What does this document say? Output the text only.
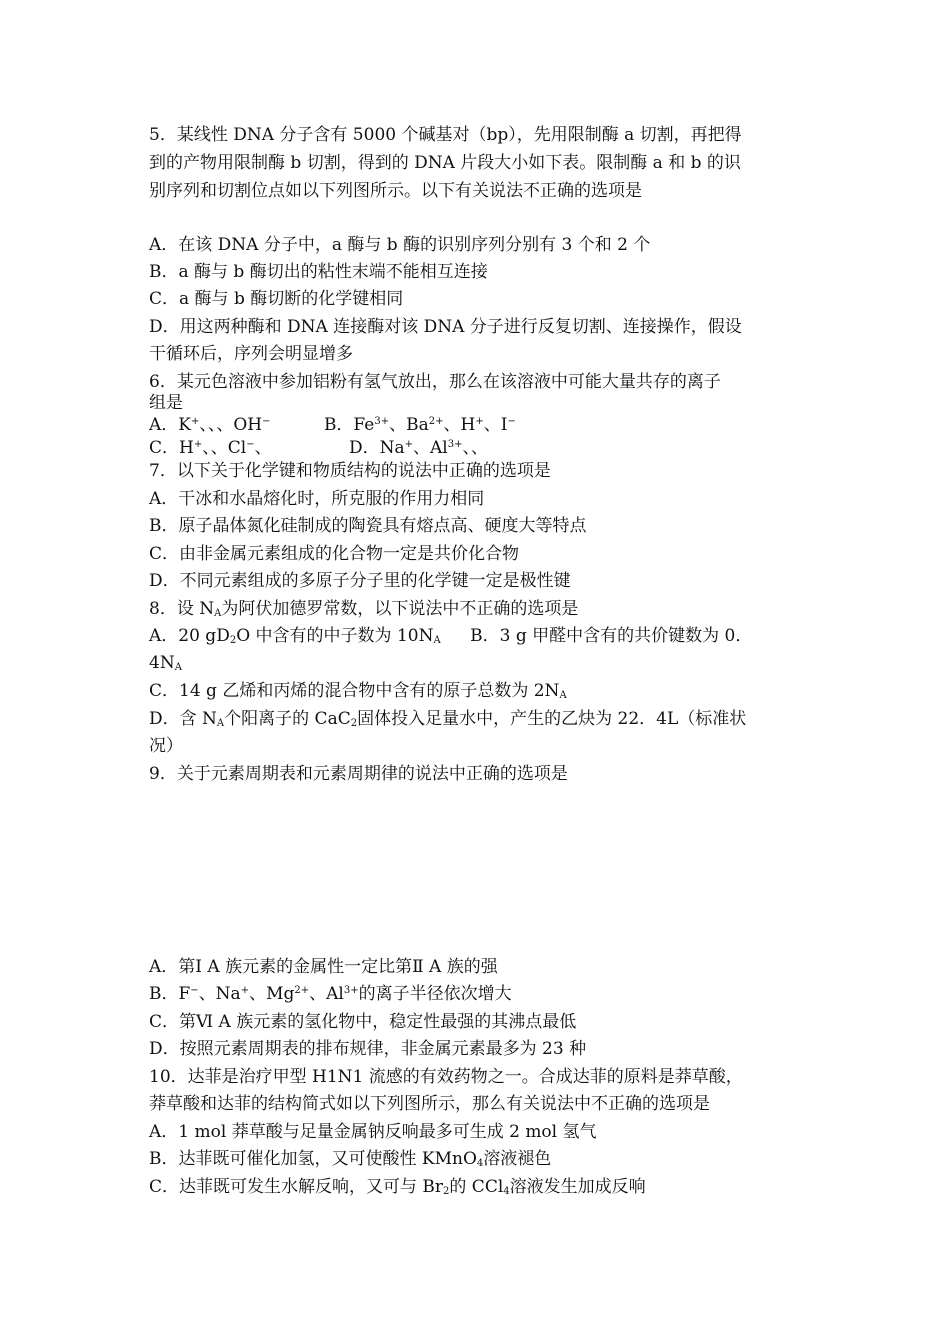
5．某线性 DNA 分子含有 5000 个碱基对（bp），先用限制酶 a 切割，再把得
到的产物用限制酶 b 切割，得到的 DNA 片段大小如下表。限制酶 a 和 b 的识
别序列和切割位点如以下列图所示。以下有关说法不正确的选项是
A．在该 DNA 分子中，a 酶与 b 酶的识别序列分别有 3 个和 2 个
B．a 酶与 b 酶切出的粘性末端不能相互连接
C．a 酶与 b 酶切断的化学键相同
D．用这两种酶和 DNA 连接酶对该 DNA 分子进行反复切割、连接操作，假设
干循环后，序列会明显增多
6．某元色溶液中参加铝粉有氢气放出，那么在该溶液中可能大量共存的离子
组是
A．K+、、、OH−	B．$Fe^{3+}$、$Ba^{2+}$、H+、I−
C．H+、、Cl−、	D．Na+、$Al^{3+}$、、
7．以下关于化学键和物质结构的说法中正确的选项是
A．干冰和水晶熔化时，所克服的作用力相同
B．原子晶体氮化硅制成的陶瓷具有熔点高、硬度大等特点
C．由非金属元素组成的化合物一定是共价化合物
D．不同元素组成的多原子分子里的化学键一定是极性键
8．设 $N_A$为阿伏加德罗常数，以下说法中不正确的选项是
A．20 $gD_2O$ 中含有的中子数为 $10N_A$ B．3 g 甲醛中含有的共价键数为 0．
$4N_A$
C．14 g 乙烯和丙烯的混合物中含有的原子总数为 $2N_A$
D．含 $N_A$个阳离子的 CaC$_2$固体投入足量水中，产生的乙炔为 22．4L（标准状
况）
9．关于元素周期表和元素周期律的说法中正确的选项是
A．第Ⅰ A 族元素的金属性一定比第Ⅱ A 族的强
B．F−、Na+、$Mg^{2+}$、$Al^{3+}$的离子半径依次增大
C．第Ⅵ A 族元素的氢化物中，稳定性最强的其沸点最低
D．按照元素周期表的排布规律，非金属元素最多为 23 种
10．达菲是治疗甲型 H1N1 流感的有效药物之一。合成达菲的原料是莽草酸，
莽草酸和达菲的结构简式如以下列图所示，那么有关说法中不正确的选项是
A．1 mol 莽草酸与足量金属钠反响最多可生成 2 mol 氢气
B．达菲既可催化加氢，又可使酸性 KMnO$_4$溶液褪色
C．达菲既可发生水解反响，又可与 $Br_2$的 CCl$_4$溶液发生加成反响
